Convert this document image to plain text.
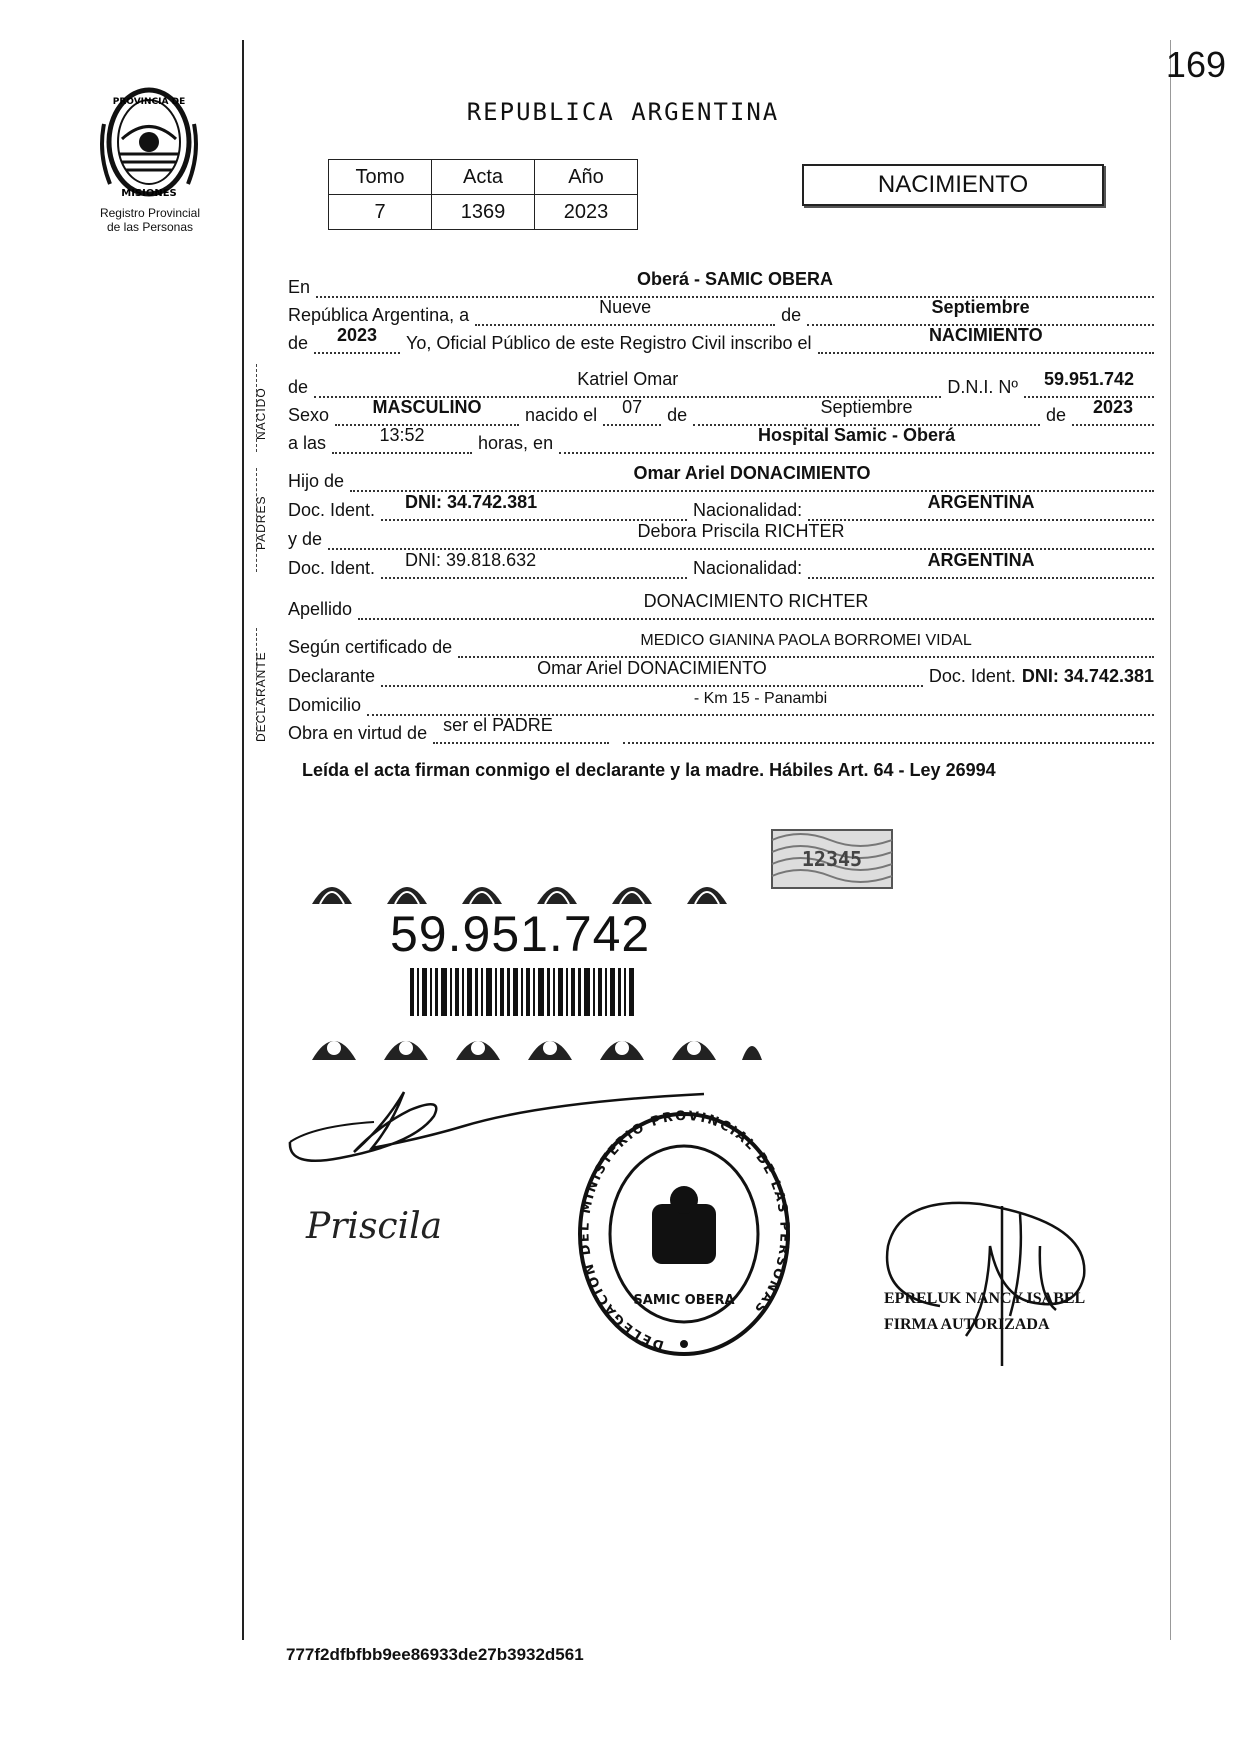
169
PROVINCIA DE
MISIONES
Registro Provincial
de las Personas
REPUBLICA ARGENTINA
Tomo	Acta	Año
7	1369	2023
NACIMIENTO
En	Oberá - SAMIC OBERA
República Argentina, a	Nueve	de	Septiembre
de	2023	Yo, Oficial Público de este Registro Civil inscribo el	NACIMIENTO
NACIDO
de	Katriel Omar	D.N.I. Nº	59.951.742
Sexo	MASCULINO	nacido el	07	de	Septiembre	de	2023
a las	13:52	horas, en	Hospital Samic - Oberá
PADRES
Hijo de	Omar Ariel DONACIMIENTO
Doc. Ident.	DNI: 34.742.381	Nacionalidad:	ARGENTINA
y de	Debora Priscila RICHTER
Doc. Ident.	DNI: 39.818.632	Nacionalidad:	ARGENTINA
Apellido	DONACIMIENTO RICHTER
DECLARANTE
Según certificado de	MEDICO GIANINA PAOLA BORROMEI VIDAL
Declarante	Omar Ariel DONACIMIENTO	Doc. Ident. DNI: 34.742.381
Domicilio	- Km 15 - Panambi
Obra en virtud de ser el PADRE
Leída el acta firman conmigo el declarante y la madre. Hábiles Art. 64 - Ley 26994
12345
59.951.742
Priscila
DELEGACION DEL MINISTERIO PROVINCIAL DE LAS PERSONAS
SAMIC OBERA	EPRELUK NANCY ISABEL
FIRMA AUTORIZADA
777f2dfbfbb9ee86933de27b3932d561
